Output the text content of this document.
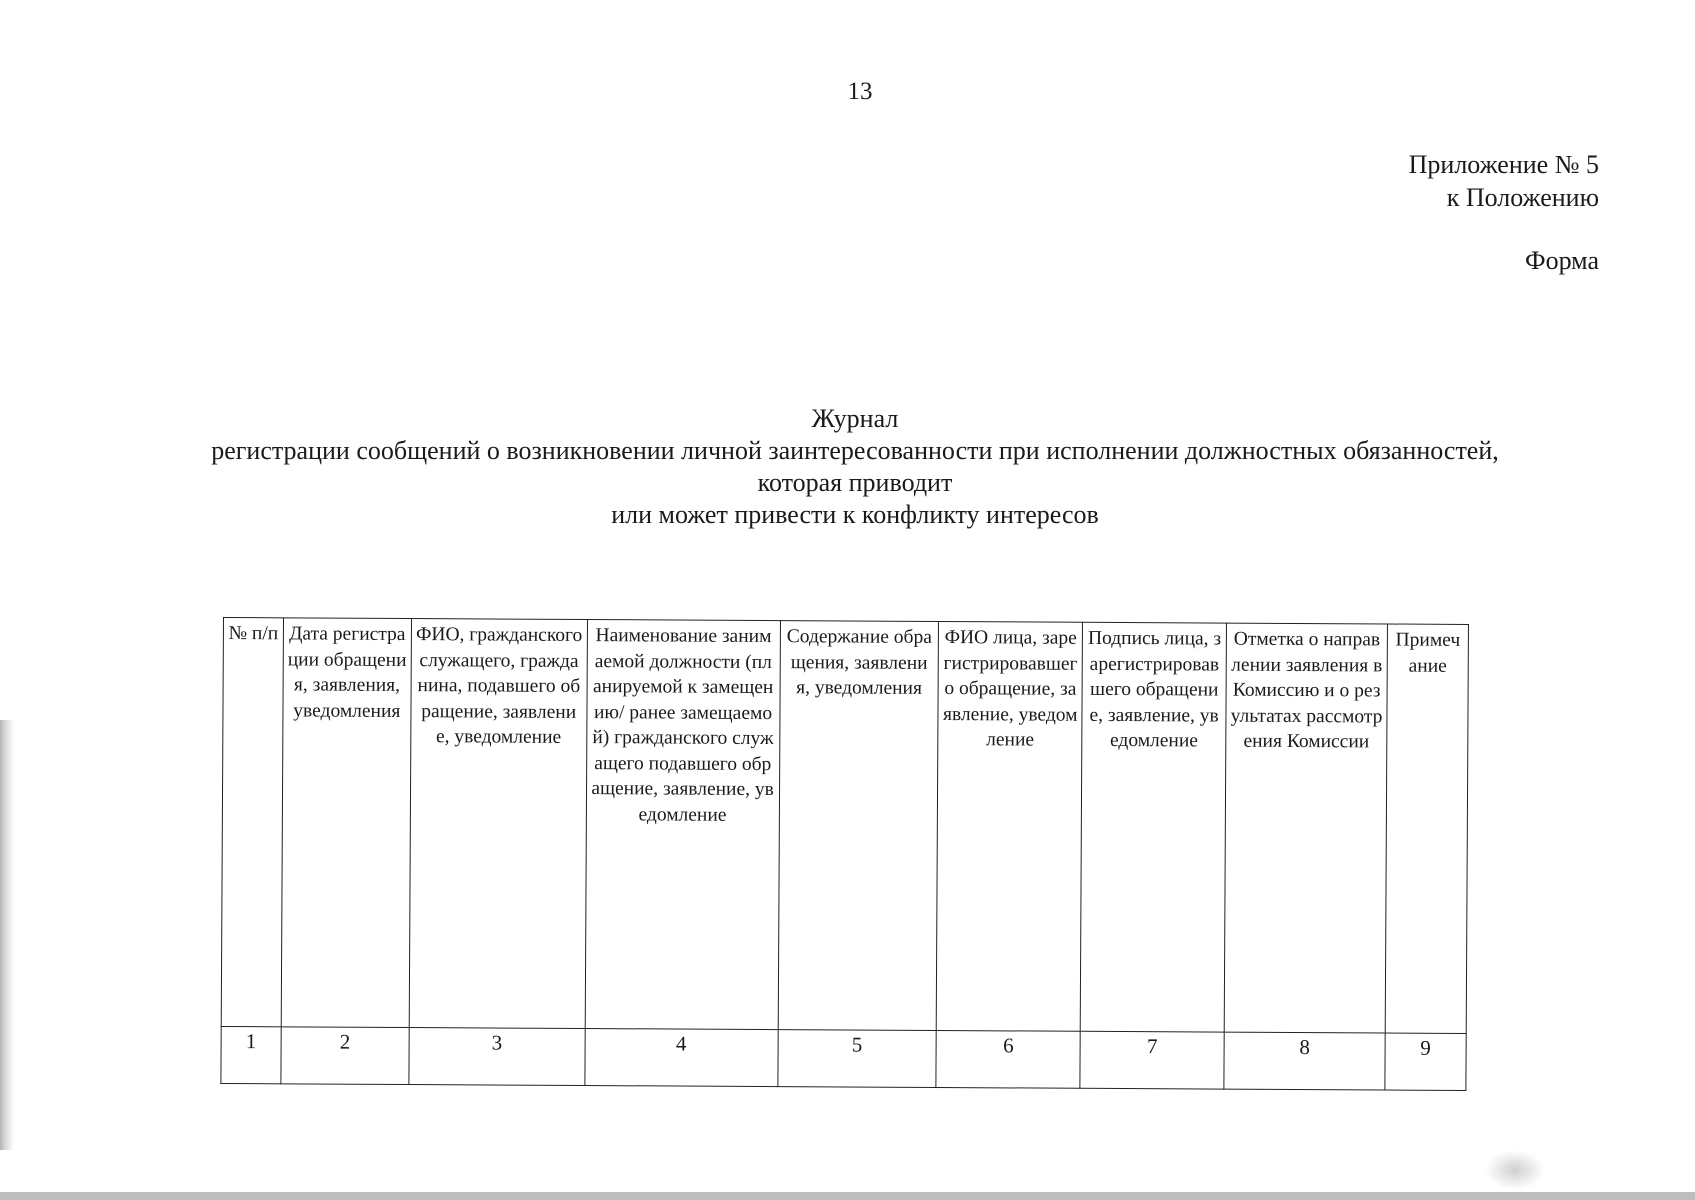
13
Приложение № 5
к Положению
Форма
Журнал
регистрации сообщений о возникновении личной заинтересованности при исполнении должностных обязанностей,
которая приводит
или может привести к конфликту интересов
№ п/п	Дата регистрации обращения, заявления, уведомления	ФИО, гражданского служащего, гражданина, подавшего обращение, заявление, уведомление	Наименование занимаемой должности (планируемой к замещению/ ранее замещаемой) гражданского служащего подавшего обращение, заявление, уведомление	Содержание обращения, заявления, уведомления	ФИО лица, зарегистрировавшего обращение, заявление, уведомление	Подпись лица, зарегистрировавшего обращение, заявление, уведомление	Отметка о направлении заявления в Комиссию и о результатах рассмотрения Комиссии	Примечание
1	2	3	4	5	6	7	8	9
